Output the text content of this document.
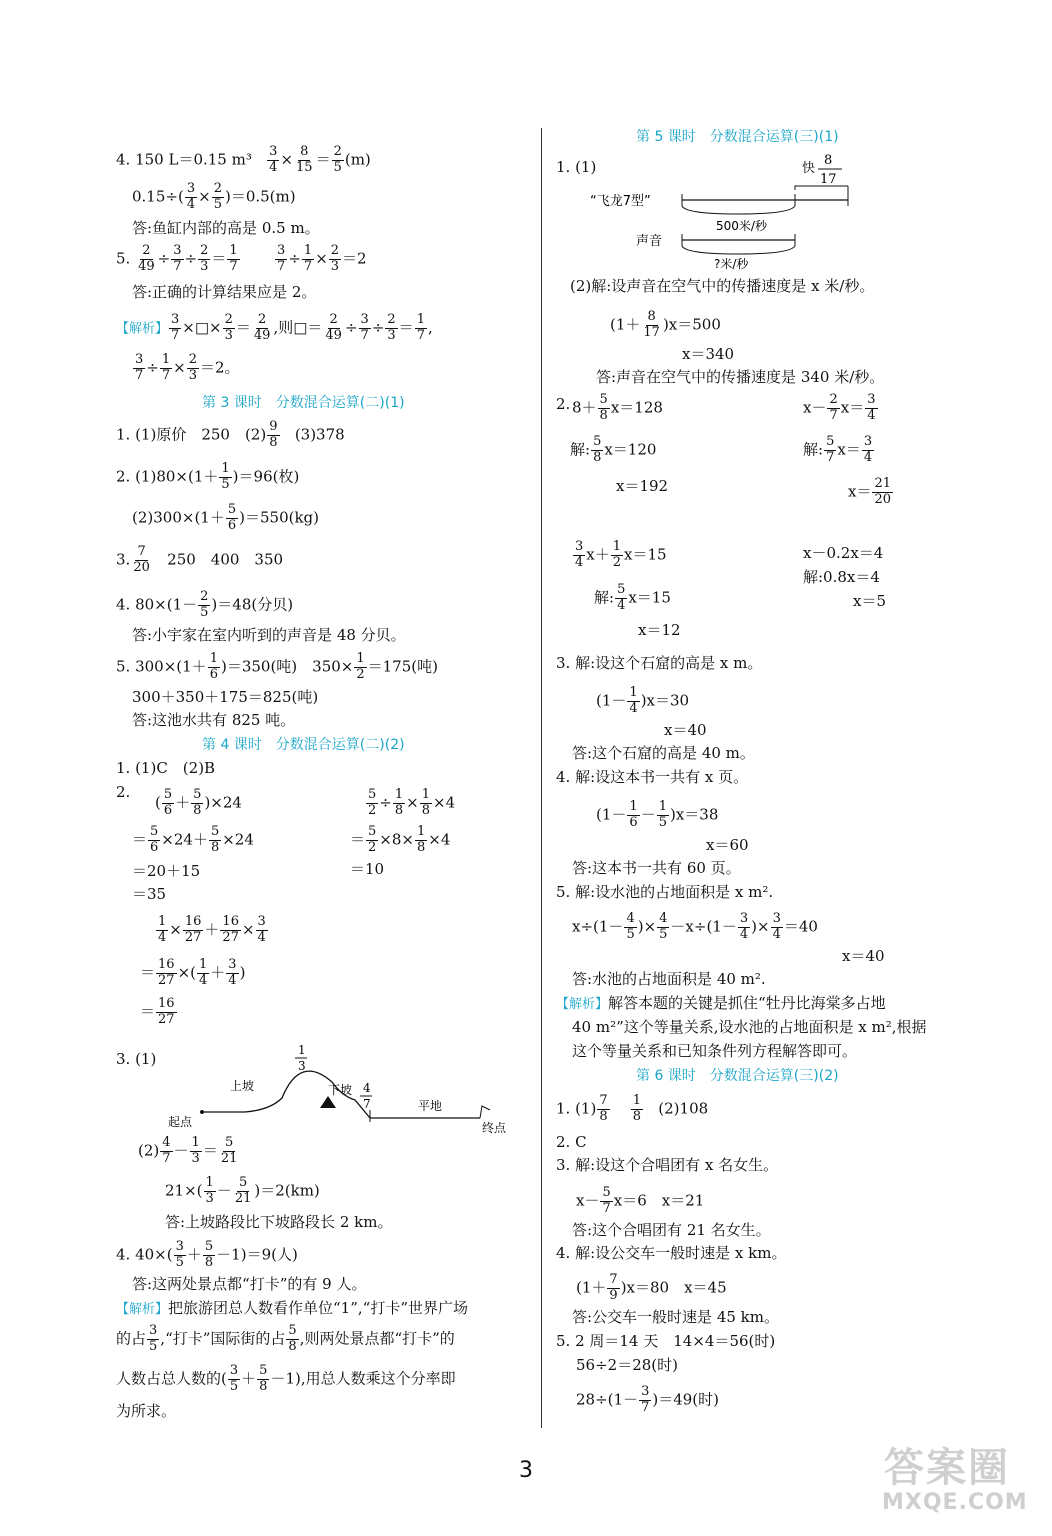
4. 150 L＝0.15 $m^3 \frac{3}{4} \times \frac{8}{15} = \frac{2}{5} (m)$
$0.15\div( \frac{3}{4} \times \frac{2}{5} )=0.5(m)$
答:鱼缸内部的高是 0.5 m。
5. $\frac{2}{49} \div \frac{3}{7} \div \frac{2}{3} = \frac{1}{7}$
	$\frac{3}{7} \div \frac{1}{7} \times \frac{2}{3} =2$
答:正确的计算结果应是 2。
【解析】 $\frac{3}{7}$ ×□× $\frac{2}{3} = \frac{2}{49}$ ,则□＝ $\frac{2}{49} \div \frac{3}{7} \div \frac{2}{3} = \frac{1}{7}$ ,
$\frac{3}{7} \div \frac{1}{7} \times \frac{2}{3} =2$。
第 3 课时　分数混合运算(二)(1)
1. (1)原价　250　$(2) \frac{9}{8} (3)378$
2. $(1)80\times(1+ \frac{1}{5} )=96$(枚)
$(2)300\times(1+ \frac{5}{6} )=550(kg)$
3. $\frac{7}{20} 250$　400　350
4. $80\times(1- \frac{2}{5} )=48$(分贝)
答:小宇家在室内听到的声音是 48 分贝。
5. $300\times(1+ \frac{1}{6} )=350$(吨)　$350\times \frac{1}{2} =175$(吨)
300＋350＋175＝825(吨)
答:这池水共有 825 吨。
第 4 课时　分数混合运算(二)(2)
1. (1)C　(2)B
2.
( $\frac{5}{6} + \frac{5}{8} )\times 24$
＝ $\frac{5}{6} \times 24+ \frac{5}{8} \times 24$
＝20＋15
＝35
$\frac{5}{2} \div \frac{1}{8} \times \frac{1}{8} \times 4$
＝ $\frac{5}{2} \times 8\times \frac{1}{8} \times 4$
＝10
$\frac{1}{4} \times \frac{16}{27} + \frac{16}{27} \times \frac{3}{4}$
＝ $\frac{16}{27}$ ×( $\frac{1}{4} + \frac{3}{4}$ )
＝ $\frac{16}{27}$
3. (1)	1
3
4
7
上坡	下坡
平地
起点	终点
$(2) \frac{4}{7} - \frac{1}{3} = \frac{5}{21}$
$21\times( \frac{1}{3} - \frac{5}{21} )=2(km)$
答:上坡路段比下坡路段长 2 km。
4. $40\times( \frac{3}{5} + \frac{5}{8} -1)=9$(人)
答:这两处景点都“打卡”的有 9 人。
【解析】把旅游团总人数看作单位“1”,“打卡”世界广场
的占 $\frac{3}{5}$ ,“打卡”国际街的占 $\frac{5}{8}$ ,则两处景点都“打卡”的
人数占总人数的( $\frac{3}{5} + \frac{5}{8} -1$),用总人数乘这个分率即
为所求。
第 5 课时　分数混合运算(三)(1)
1. (1)	快
8
17
“飞龙7型”
500米/秒
声音
?米/秒
(2)解:设声音在空气中的传播速度是 x 米/秒。
$(1+ \frac{8}{17} )x=500$
x＝340
答:声音在空气中的传播速度是 340 米/秒。
2. $8+ \frac{5}{8} x=128$
解: $\frac{5}{8} x=120$
x＝192
$x- \frac{2}{7} x= \frac{3}{4}$
解: $\frac{5}{7} x= \frac{3}{4}$
$x= \frac{21}{20}$
$\frac{3}{4} x+ \frac{1}{2} x=15$
解: $\frac{5}{4} x=15$
x＝12
x－0.2x＝4
解:0.8x＝4
x＝5
3. 解:设这个石窟的高是 x m。
$(1- \frac{1}{4} )x=30$
x＝40
答:这个石窟的高是 40 m。
4. 解:设这本书一共有 x 页。
$(1- \frac{1}{6} - \frac{1}{5} )x=38$
x＝60
答:这本书一共有 60 页。
5. 解:设水池的占地面积是 x m².
$x\div(1- \frac{4}{5}$ )× $\frac{4}{5} -x\div(1- \frac{3}{4}$ )× $\frac{3}{4} =40$
x＝40
答:水池的占地面积是 40 m².
【解析】解答本题的关键是抓住“牡丹比海棠多占地
40 m²”这个等量关系,设水池的占地面积是 x m²,根据
这个等量关系和已知条件列方程解答即可。
第 6 课时　分数混合运算(三)(2)
1. $(1) \frac{7}{8}$
$\frac{1}{8} (2)108$
2. C
3. 解:设这个合唱团有 x 名女生。
$x- \frac{5}{7} x=6$　x＝21
答:这个合唱团有 21 名女生。
4. 解:设公交车一般时速是 x km。
$(1+ \frac{7}{9} )x=80$　x＝45
答:公交车一般时速是 45 km。
5. 2 周＝14 天　14×4＝56(时)
56÷2＝28(时)
$28\div(1- \frac{3}{7} )=49$(时)
3	答案圈
MXQE.COM
